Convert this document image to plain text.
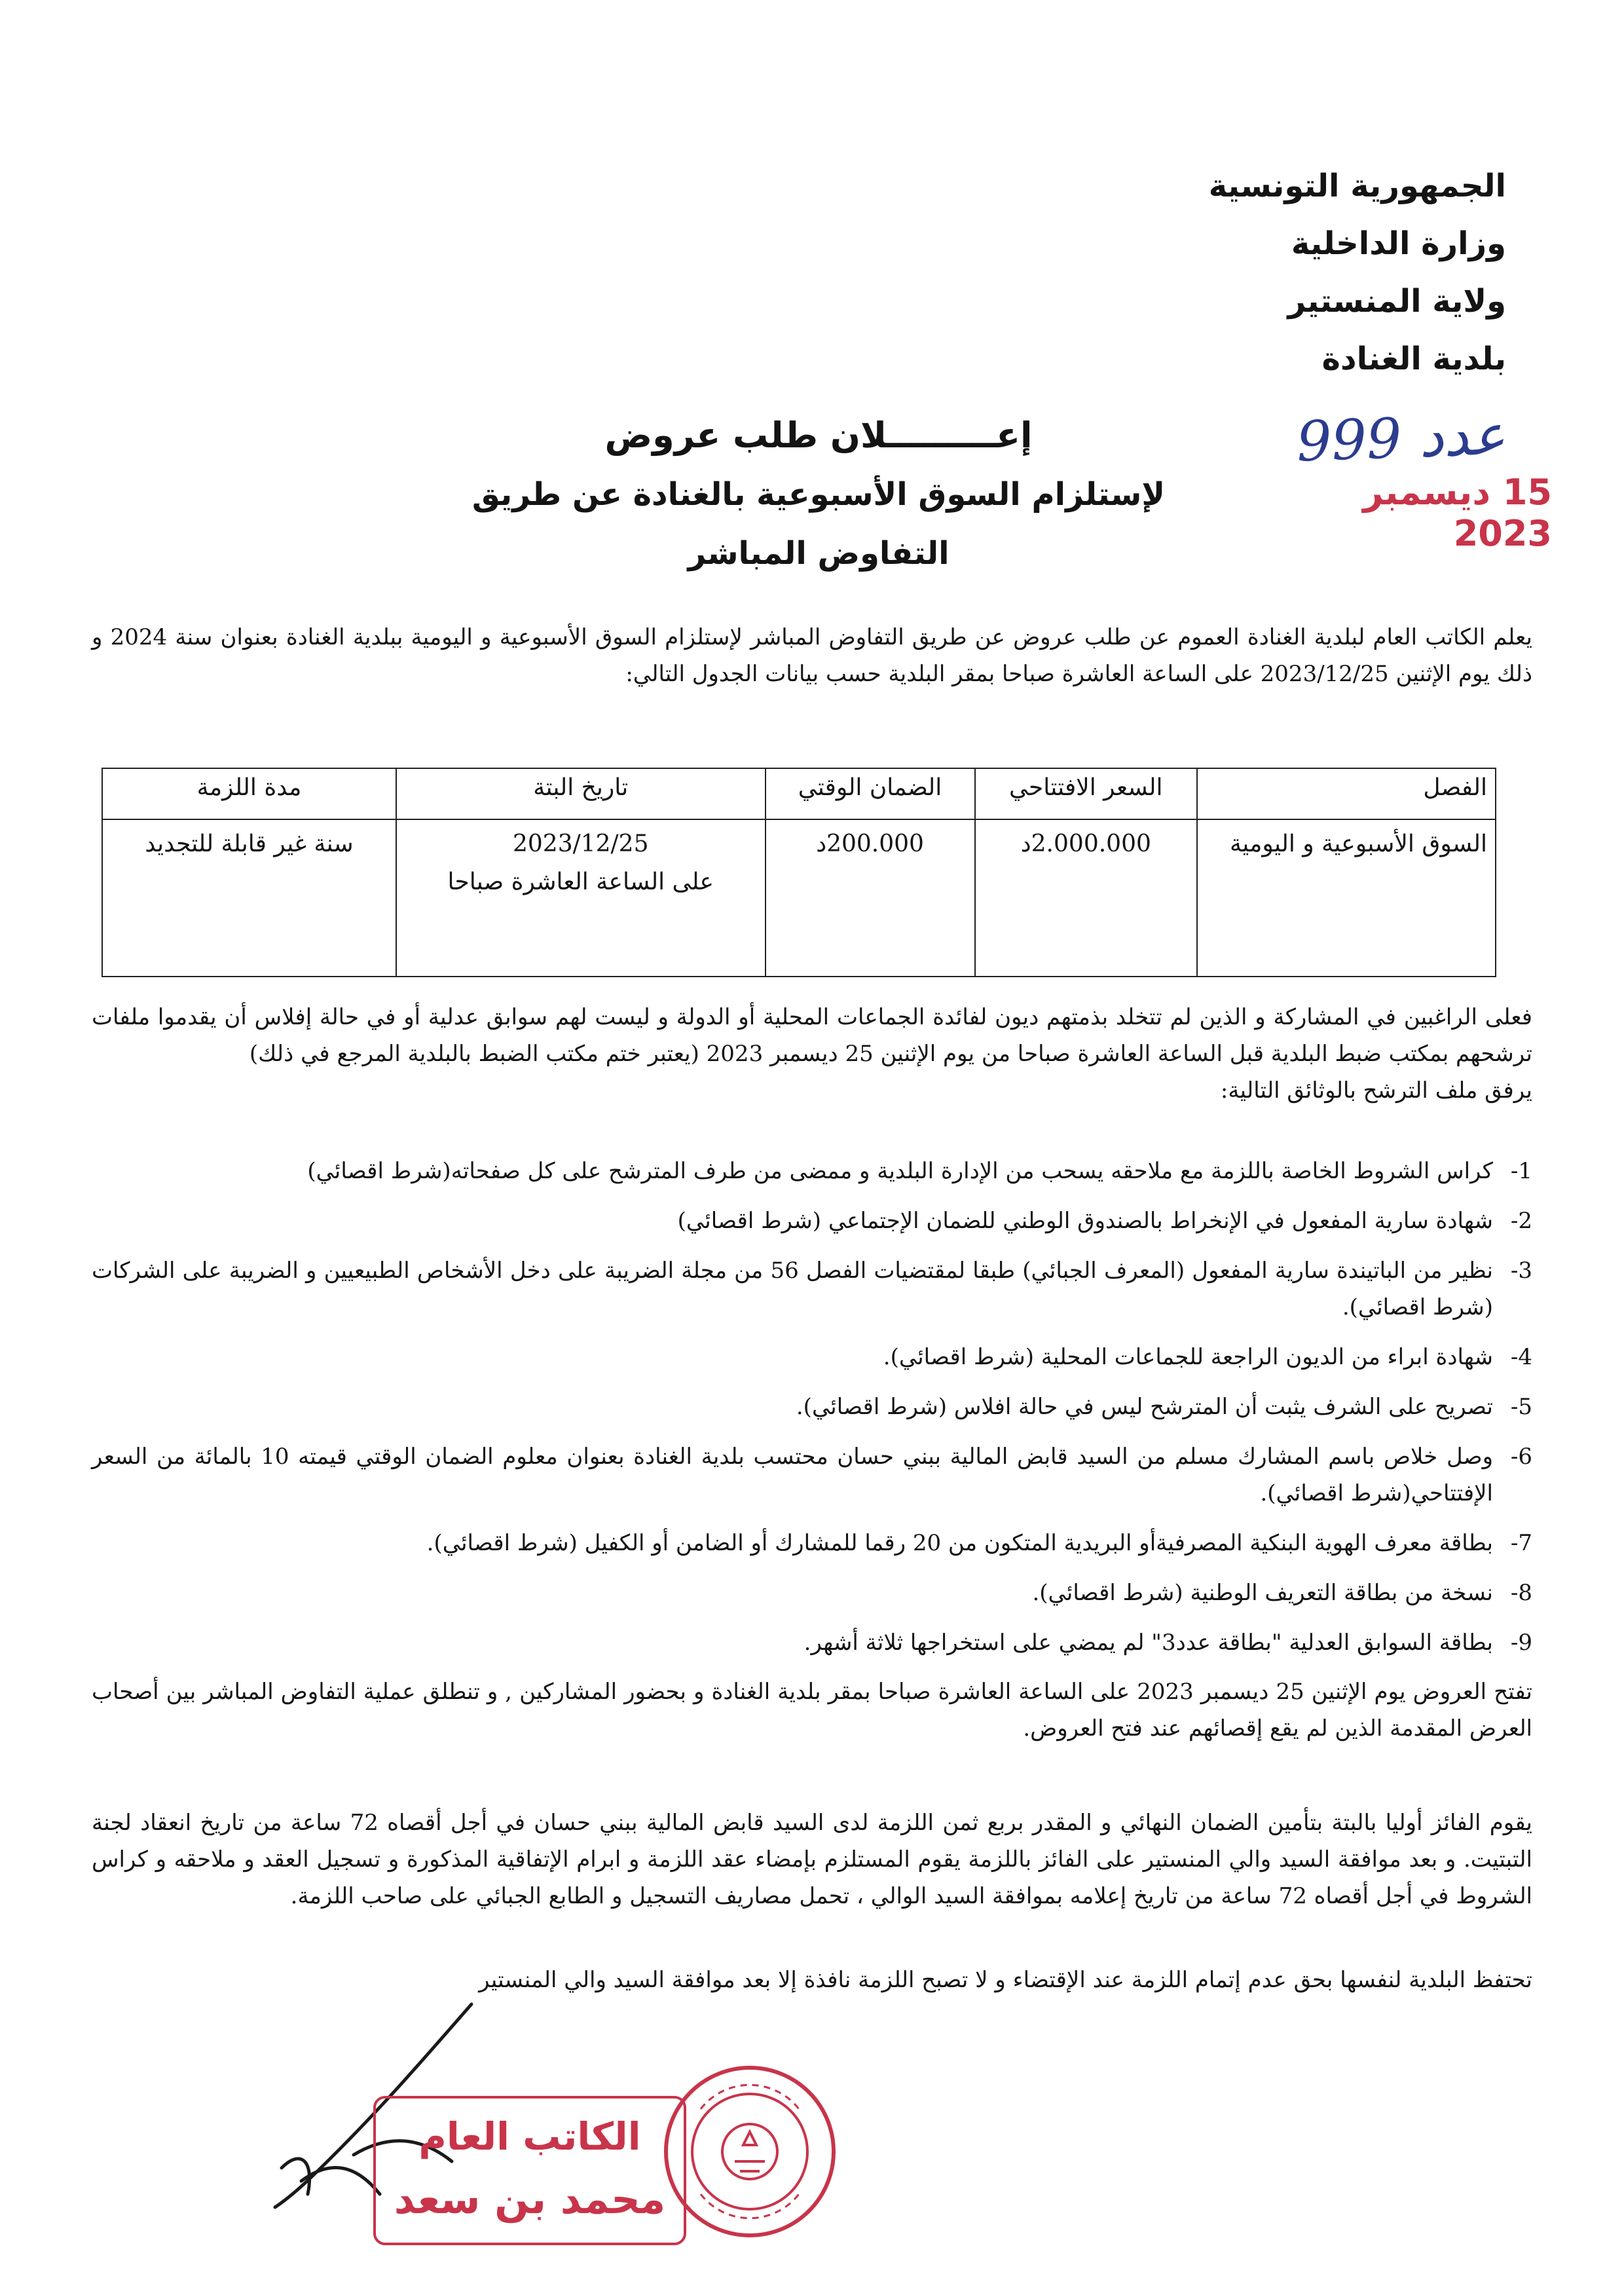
الجمهورية التونسية
وزارة الداخلية
ولاية المنستير
بلدية الغنادة
عدد 999
15 ديسمبر 2023
إعـــــــــلان طلب عروض
لإستلزام السوق الأسبوعية بالغنادة عن طريق التفاوض المباشر
يعلم الكاتب العام لبلدية الغنادة العموم عن طلب عروض عن طريق التفاوض المباشر لإستلزام السوق الأسبوعية و اليومية ببلدية الغنادة بعنوان سنة 2024 و ذلك يوم الإثنين 2023/12/25 على الساعة العاشرة صباحا بمقر البلدية حسب بيانات الجدول التالي:
الفصل	السعر الافتتاحي	الضمان الوقتي	تاريخ البتة	مدة اللزمة
السوق الأسبوعية و اليومية	2.000.000د	200.000د	2023/12/25
على الساعة العاشرة صباحا	سنة غير قابلة للتجديد
فعلى الراغبين في المشاركة و الذين لم تتخلد بذمتهم ديون لفائدة الجماعات المحلية أو الدولة و ليست لهم سوابق عدلية أو في حالة إفلاس أن يقدموا ملفات ترشحهم بمكتب ضبط البلدية قبل الساعة العاشرة صباحا من يوم الإثنين 25 ديسمبر 2023 (يعتبر ختم مكتب الضبط بالبلدية المرجع في ذلك)
يرفق ملف الترشح بالوثائق التالية:
كراس الشروط الخاصة باللزمة مع ملاحقه يسحب من الإدارة البلدية و ممضى من طرف المترشح على كل صفحاته(شرط اقصائي)
شهادة سارية المفعول في الإنخراط بالصندوق الوطني للضمان الإجتماعي (شرط اقصائي)
نظير من الباتيندة سارية المفعول (المعرف الجبائي) طبقا لمقتضيات الفصل 56 من مجلة الضريبة على دخل الأشخاص الطبيعيين و الضريبة على الشركات (شرط اقصائي).
شهادة ابراء من الديون الراجعة للجماعات المحلية (شرط اقصائي).
تصريح على الشرف يثبت أن المترشح ليس في حالة افلاس (شرط اقصائي).
وصل خلاص باسم المشارك مسلم من السيد قابض المالية ببني حسان محتسب بلدية الغنادة بعنوان معلوم الضمان الوقتي قيمته 10 بالمائة من السعر الإفتتاحي(شرط اقصائي).
بطاقة معرف الهوية البنكية المصرفيةأو البريدية المتكون من 20 رقما للمشارك أو الضامن أو الكفيل (شرط اقصائي).
نسخة من بطاقة التعريف الوطنية (شرط اقصائي).
بطاقة السوابق العدلية "بطاقة عدد3" لم يمضي على استخراجها ثلاثة أشهر.
تفتح العروض يوم الإثنين 25 ديسمبر 2023 على الساعة العاشرة صباحا بمقر بلدية الغنادة و بحضور المشاركين , و تنطلق عملية التفاوض المباشر بين أصحاب العرض المقدمة الذين لم يقع إقصائهم عند فتح العروض.
يقوم الفائز أوليا بالبتة بتأمين الضمان النهائي و المقدر بربع ثمن اللزمة لدى السيد قابض المالية ببني حسان في أجل أقصاه 72 ساعة من تاريخ انعقاد لجنة التبتيت. و بعد موافقة السيد والي المنستير على الفائز باللزمة يقوم المستلزم بإمضاء عقد اللزمة و ابرام الإتفاقية المذكورة و تسجيل العقد و ملاحقه و كراس الشروط في أجل أقصاه 72 ساعة من تاريخ إعلامه بموافقة السيد الوالي ، تحمل مصاريف التسجيل و الطابع الجبائي على صاحب اللزمة.
تحتفظ البلدية لنفسها بحق عدم إتمام اللزمة عند الإقتضاء و لا تصبح اللزمة نافذة إلا بعد موافقة السيد والي المنستير
الكاتب العام
محمد بن سعد
